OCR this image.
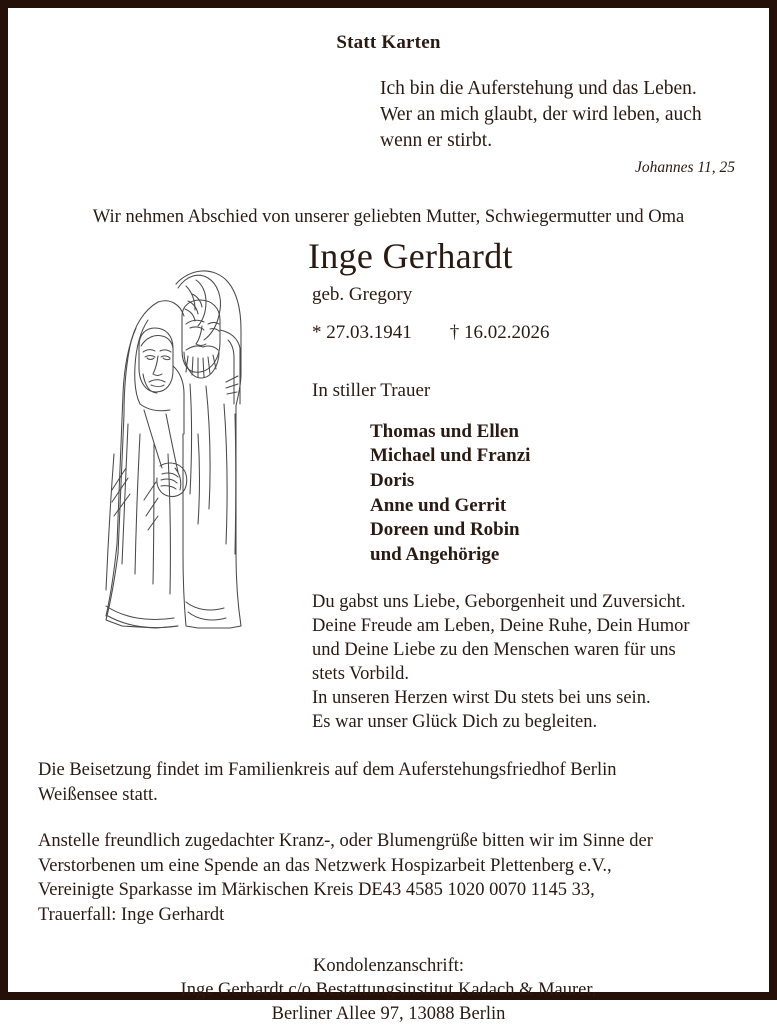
Statt Karten
Ich bin die Auferstehung und das Leben.
Wer an mich glaubt, der wird leben, auch
wenn er stirbt.
Johannes 11, 25
Wir nehmen Abschied von unserer geliebten Mutter, Schwiegermutter und Oma
Inge Gerhardt
geb. Gregory
* 27.03.1941 † 16.02.2026
In stiller Trauer
Thomas und Ellen
Michael und Franzi
Doris
Anne und Gerrit
Doreen und Robin
und Angehörige
Du gabst uns Liebe, Geborgenheit und Zuversicht.
Deine Freude am Leben, Deine Ruhe, Dein Humor
und Deine Liebe zu den Menschen waren für uns
stets Vorbild.
In unseren Herzen wirst Du stets bei uns sein.
Es war unser Glück Dich zu begleiten.
Die Beisetzung findet im Familienkreis auf dem Auferstehungsfriedhof Berlin
Weißensee statt.
Anstelle freundlich zugedachter Kranz-, oder Blumengrüße bitten wir im Sinne der
Verstorbenen um eine Spende an das Netzwerk Hospizarbeit Plettenberg e.V.,
Vereinigte Sparkasse im Märkischen Kreis DE43 4585 1020 0070 1145 33,
Trauerfall: Inge Gerhardt
Kondolenzanschrift:
Inge Gerhardt c/o Bestattungsinstitut Kadach & Maurer,
Berliner Allee 97, 13088 Berlin
